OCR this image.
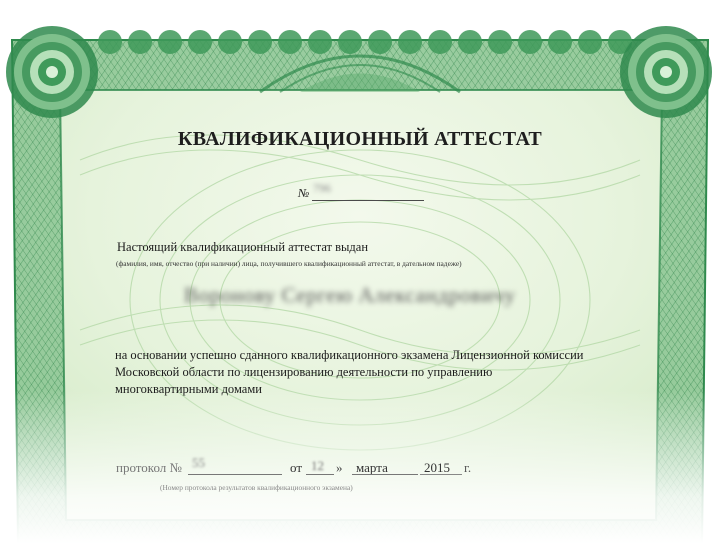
КВАЛИФИКАЦИОННЫЙ АТТЕСТАТ
№ 796
Настоящий квалификационный аттестат выдан
(фамилия, имя, отчество (при наличии) лица, получившего квалификационный аттестат, в дательном падеже)
Воронову Сергею Александровичу
на основании успешно сданного квалификационного экзамена Лицензионной комиссии
Московской области по лицензированию деятельности по управлению
многоквартирными домами
протокол № 55	от 12 » марта	2015 г.
(Номер протокола результатов квалификационного экзамена)
